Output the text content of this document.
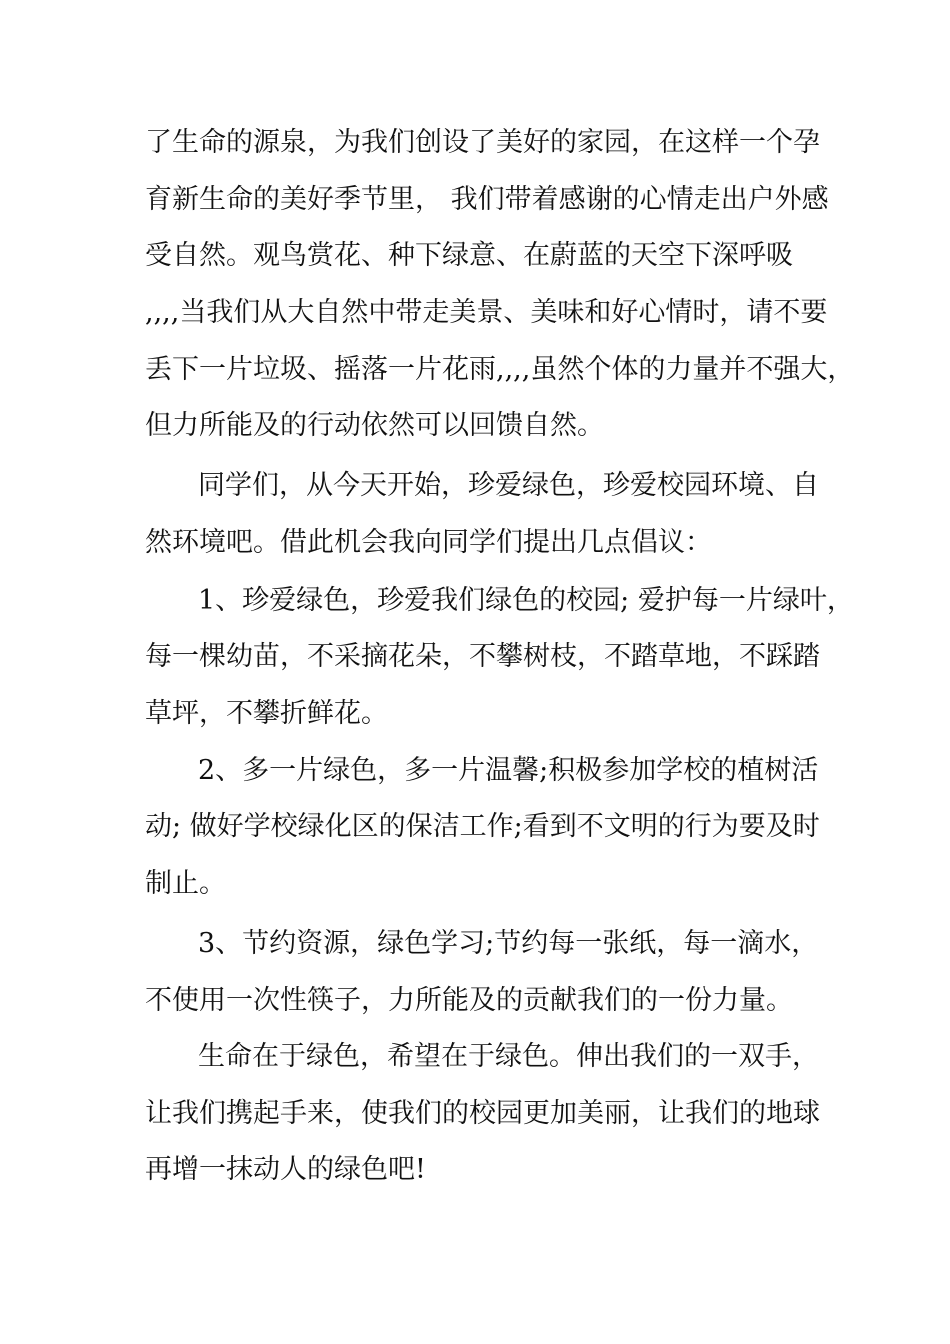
了生命的源泉，为我们创设了美好的家园，在这样一个孕
育新生命的美好季节里， 我们带着感谢的心情走出户外感
受自然。观鸟赏花、种下绿意、在蔚蓝的天空下深呼吸
,,,,当我们从大自然中带走美景、美味和好心情时，请不要
丢下一片垃圾、摇落一片花雨,,,,虽然个体的力量并不强大，
但力所能及的行动依然可以回馈自然。
同学们，从今天开始，珍爱绿色，珍爱校园环境、自
然环境吧。借此机会我向同学们提出几点倡议：
1、珍爱绿色，珍爱我们绿色的校园; 爱护每一片绿叶，
每一棵幼苗，不采摘花朵，不攀树枝，不踏草地，不踩踏
草坪，不攀折鲜花。
2、多一片绿色，多一片温馨;积极参加学校的植树活
动; 做好学校绿化区的保洁工作;看到不文明的行为要及时
制止。
3、节约资源，绿色学习;节约每一张纸，每一滴水，
不使用一次性筷子，力所能及的贡献我们的一份力量。
生命在于绿色，希望在于绿色。伸出我们的一双手，
让我们携起手来，使我们的校园更加美丽，让我们的地球
再增一抹动人的绿色吧!
